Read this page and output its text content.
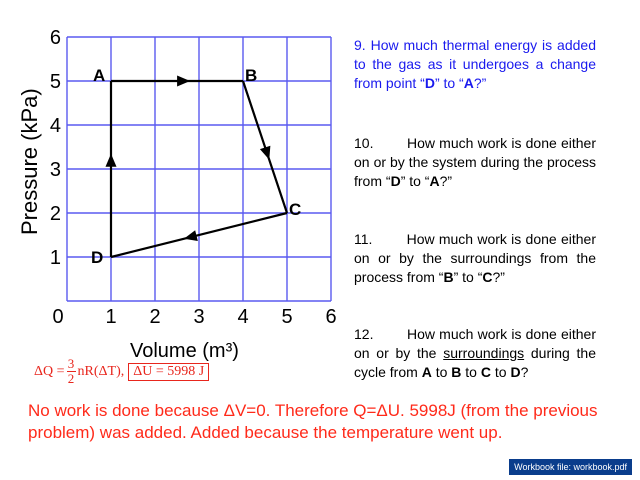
0 1 2 3 4 5 6
1
2
3
4
5
6
A	B
C
D
Pressure (kPa)
Volume (m³)
9. How much thermal energy is added to the gas as it undergoes a change from point “D” to “A?”
10. How much work is done either on or by the system during the process from “D” to “A?”
11. How much work is done either on or by the surroundings from the process from “B” to “C?”
12. How much work is done either on or by the surroundings during the cycle from A to B to C to D?
$\Delta Q = \frac{3}{2} nR(\Delta T)$, ΔU = 5998 J
No work is done because ΔV=0. Therefore Q=ΔU. 5998J (from the previous problem) was added. Added because the temperature went up.
Workbook file: workbook.pdf
